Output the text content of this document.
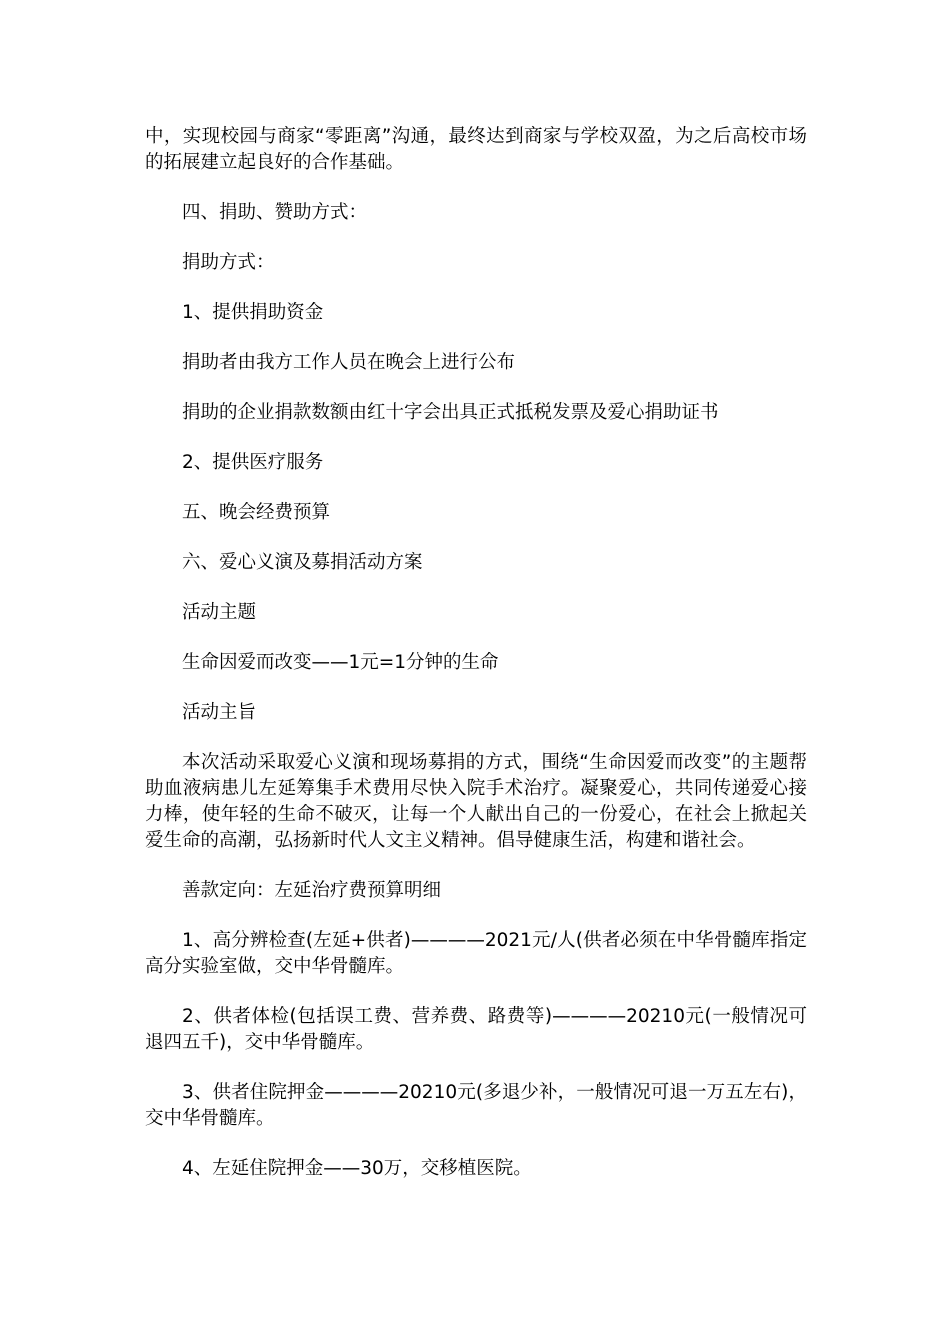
中，实现校园与商家“零距离”沟通，最终达到商家与学校双盈，为之后高校市场的拓展建立起良好的合作基础。

四、捐助、赞助方式：

捐助方式：

1、提供捐助资金

捐助者由我方工作人员在晚会上进行公布

捐助的企业捐款数额由红十字会出具正式抵税发票及爱心捐助证书

2、提供医疗服务

五、晚会经费预算

六、爱心义演及募捐活动方案

活动主题

生命因爱而改变——1元=1分钟的生命

活动主旨

本次活动采取爱心义演和现场募捐的方式，围绕“生命因爱而改变”的主题帮助血液病患儿左延筹集手术费用尽快入院手术治疗。凝聚爱心，共同传递爱心接力棒，使年轻的生命不破灭，让每一个人献出自己的一份爱心，在社会上掀起关爱生命的高潮，弘扬新时代人文主义精神。倡导健康生活，构建和谐社会。

善款定向：左延治疗费预算明细

1、高分辨检查(左延+供者)————2021元/人(供者必须在中华骨髓库指定高分实验室做，交中华骨髓库。

2、供者体检(包括误工费、营养费、路费等)————20210元(一般情况可退四五千)，交中华骨髓库。

3、供者住院押金————20210元(多退少补，一般情况可退一万五左右)，交中华骨髓库。

4、左延住院押金——30万，交移植医院。
